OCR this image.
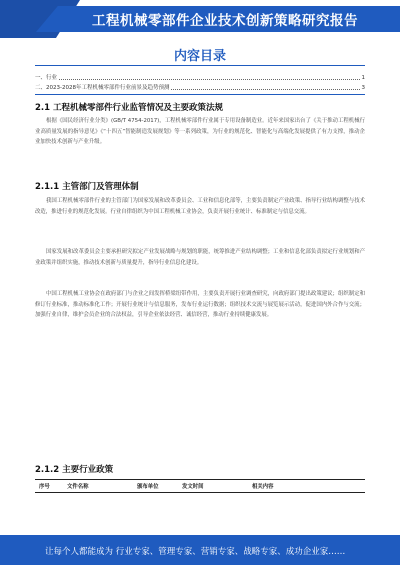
工程机械零部件企业技术创新策略研究报告
内容目录
一、行业	1
二、2023-2028年工程机械零部件行业前景及趋势预测	3
2.1 工程机械零部件行业监管情况及主要政策法规
根据《国民经济行业分类》(GB/T 4754-2017)，工程机械零部件行业属于专用设备制造业。近年来国家出台了《关于推动工程机械行业高质量发展的指导意见》《“十四五”智能制造发展规划》等一系列政策，为行业的规范化、智能化与高端化发展提供了有力支撑，推动企业加快技术创新与产业升级。
2.1.1 主管部门及管理体制
我国工程机械零部件行业的主管部门为国家发展和改革委员会、工业和信息化部等，主要负责制定产业政策、指导行业结构调整与技术改造，推进行业的规范化发展。行业自律组织为中国工程机械工业协会，负责开展行业统计、标准制定与信息交流。
国家发展和改革委员会主要承担研究拟定产业发展战略与规划的职能，统筹推进产业结构调整；工业和信息化部负责拟定行业规划和产业政策并组织实施，推动技术创新与质量提升，指导行业信息化建设。
中国工程机械工业协会在政府部门与企业之间发挥桥梁纽带作用，主要负责开展行业调查研究，向政府部门提出政策建议；组织制定和修订行业标准，推动标准化工作；开展行业统计与信息服务，发布行业运行数据；组织技术交流与展览展示活动，促进国内外合作与交流；加强行业自律，维护会员企业的合法权益，引导企业依法经营、诚信经营，推动行业持续健康发展。
2.1.2 主要行业政策
序号	文件名称	颁布单位	发文时间	相关内容
让每个人都能成为 行业专家、管理专家、营销专家、战略专家、成功企业家……
